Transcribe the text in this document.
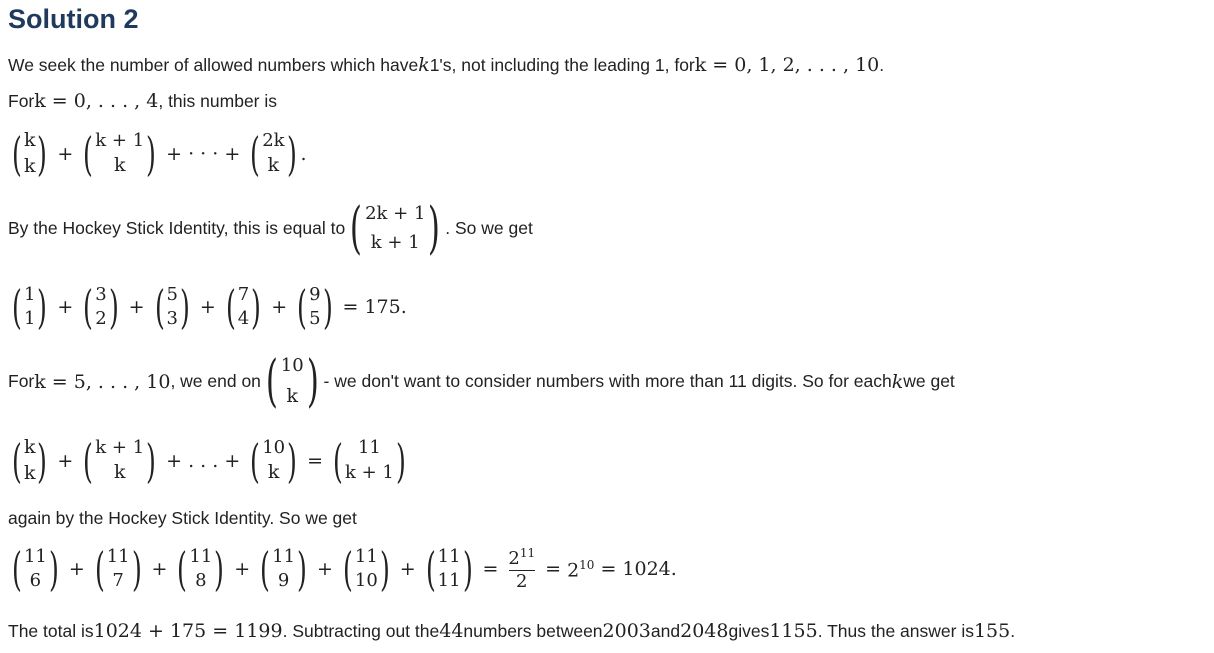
Solution 2
We seek the number of allowed numbers which have k 1's, not including the leading 1, for k = 0, 1, 2, . . . , 10 .
For k = 0, . . . , 4 , this number is
( k
k ) + ( k + 1
k ) + · · · + ( 2k
k ) .
By the Hockey Stick Identity, this is equal to ( 2k + 1
k + 1 ) . So we get
( 1
1 ) + ( 3
2 ) + ( 5
3 ) + ( 7
4 ) + ( 9
5 ) = 175.
For k = 5, . . . , 10 , we end on ( 10
k ) - we don't want to consider numbers with more than 11 digits. So for each k we get
( k
k ) + ( k + 1
k ) + . . . + ( 10
k ) = ( 11
k + 1 )
again by the Hockey Stick Identity. So we get
( 11
6 ) + ( 11
7 ) + ( 11
8 ) + ( 11
9 ) + ( 11
10 ) + ( 11
11 ) = $\frac{2^{11}}{2} = 2^{10} = 1024$.
The total is 1024 + 175 = 1199 . Subtracting out the 44 numbers between 2003 and 2048 gives 1155 . Thus the answer is 155 .
